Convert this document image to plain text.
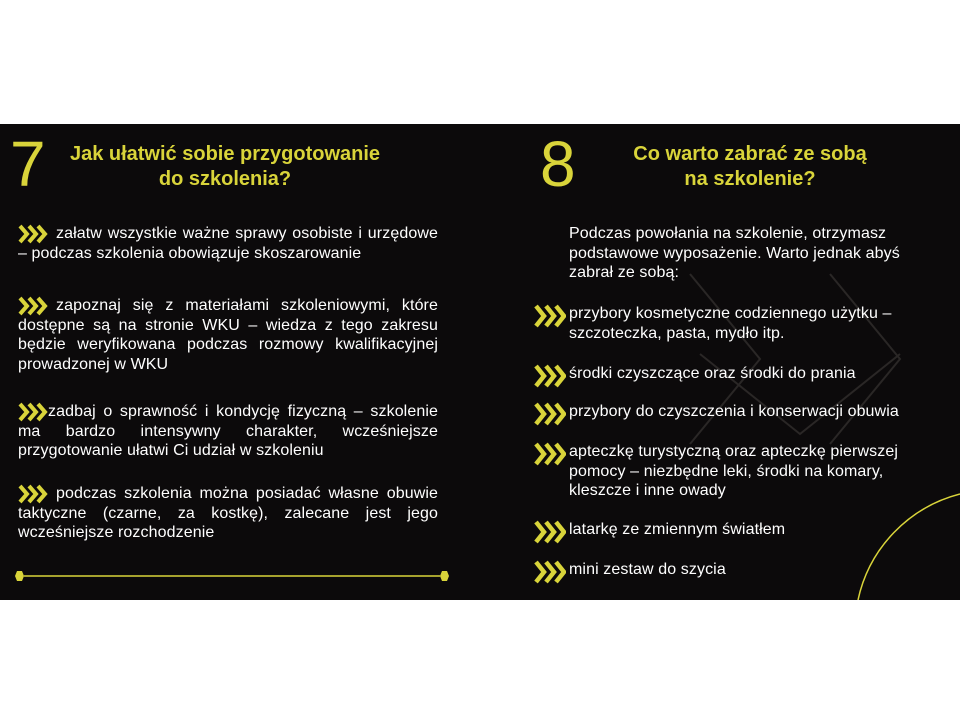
7	Jak ułatwić sobie przygotowanie
do szkolenia?
załatw wszystkie ważne sprawy osobiste i urzędowe – podczas szkolenia obowiązuje skoszarowanie
zapoznaj się z materiałami szkoleniowymi, które dostępne są na stronie WKU – wiedza z tego zakresu będzie weryfikowana podczas rozmowy kwalifikacyjnej prowadzonej w WKU
zadbaj o sprawność i kondycję fizyczną – szkolenie ma bardzo intensywny charakter, wcześniejsze przygotowanie ułatwi Ci udział w szkoleniu
podczas szkolenia można posiadać własne obuwie taktyczne (czarne, za kostkę), zalecane jest jego wcześniejsze rozchodzenie
8	Co warto zabrać ze sobą
na szkolenie?
Podczas powołania na szkolenie, otrzymasz podstawowe wyposażenie. Warto jednak abyś zabrał ze sobą:
przybory kosmetyczne codziennego użytku – szczoteczka, pasta, mydło itp.
środki czyszczące oraz środki do prania
przybory do czyszczenia i konserwacji obuwia
apteczkę turystyczną oraz apteczkę pierwszej pomocy – niezbędne leki, środki na komary, kleszcze i inne owady
latarkę ze zmiennym światłem
mini zestaw do szycia
